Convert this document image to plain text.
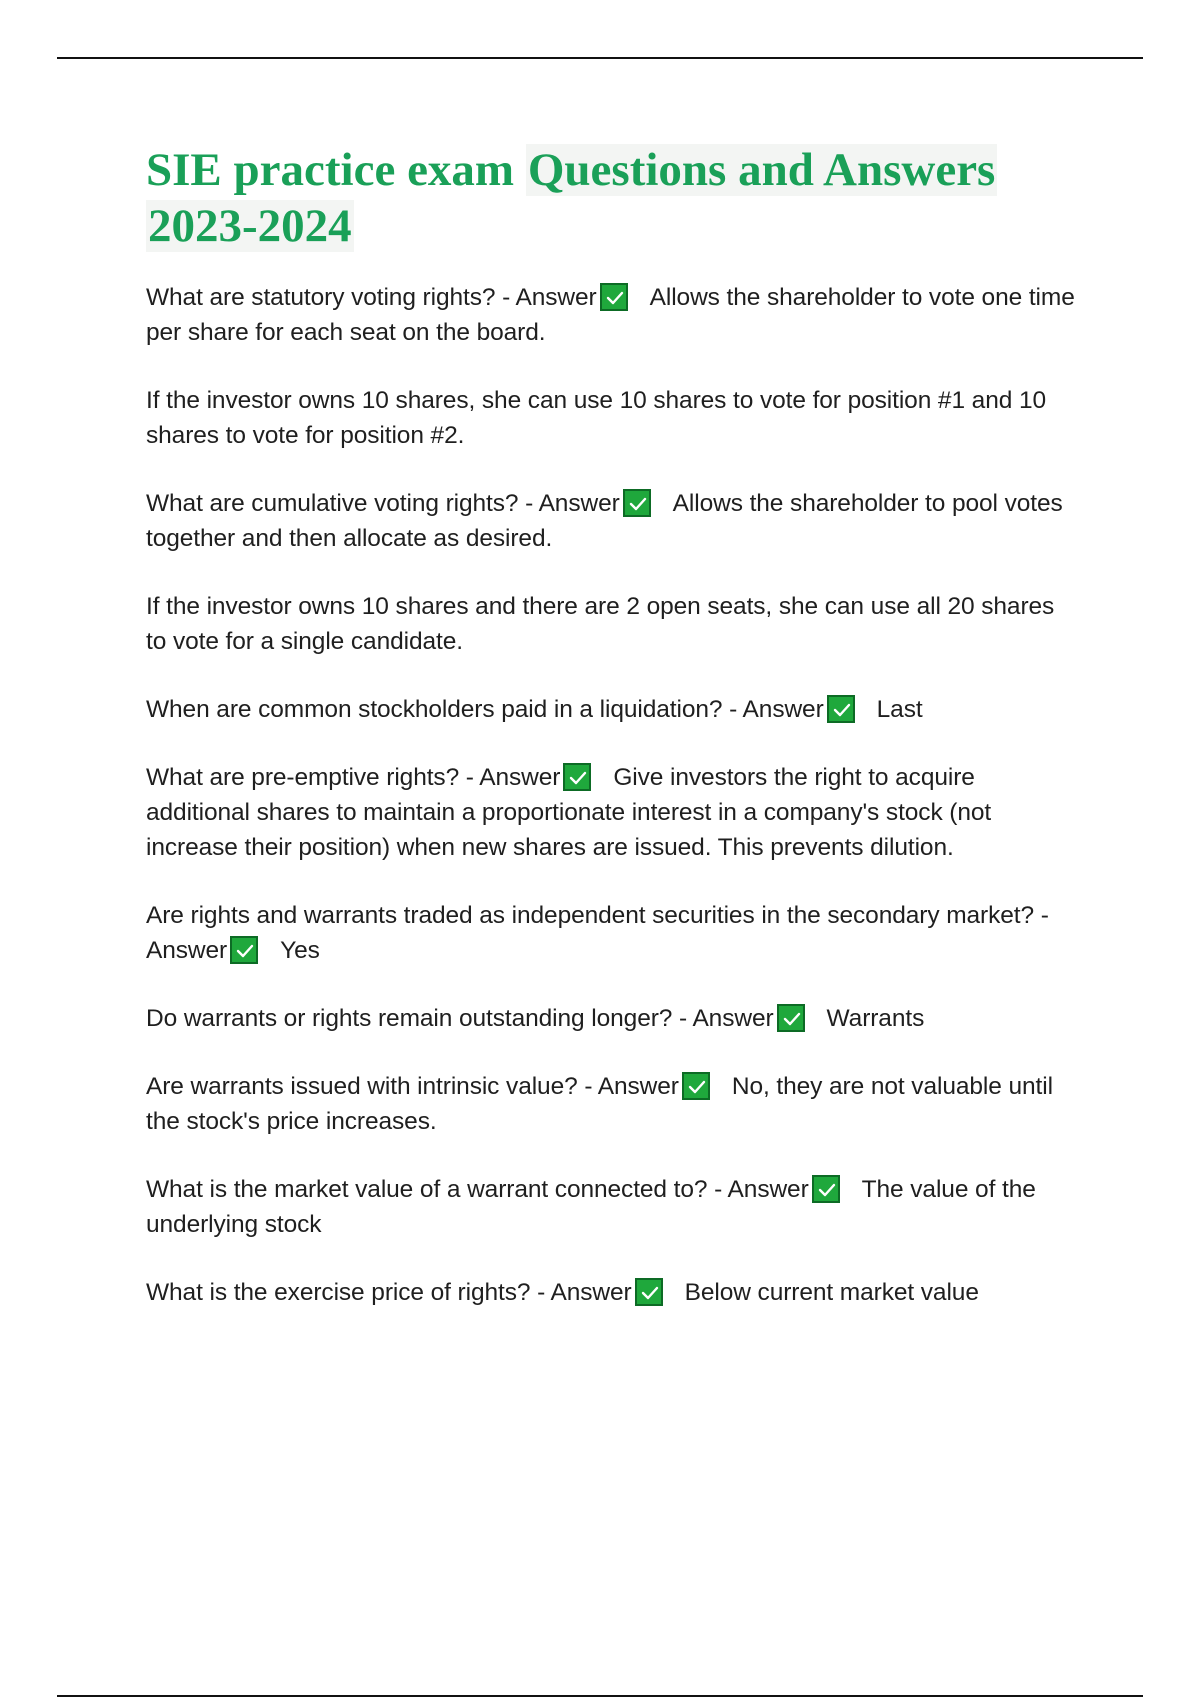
SIE practice exam Questions and Answers
2023-2024

What are statutory voting rights? - Answer Allows the shareholder to vote one time per share for each seat on the board.

If the investor owns 10 shares, she can use 10 shares to vote for position #1 and 10 shares to vote for position #2.

What are cumulative voting rights? - Answer Allows the shareholder to pool votes together and then allocate as desired.

If the investor owns 10 shares and there are 2 open seats, she can use all 20 shares to vote for a single candidate.

When are common stockholders paid in a liquidation? - Answer Last

What are pre-emptive rights? - Answer Give investors the right to acquire additional shares to maintain a proportionate interest in a company's stock (not increase their position) when new shares are issued. This prevents dilution.

Are rights and warrants traded as independent securities in the secondary market? - Answer Yes

Do warrants or rights remain outstanding longer? - Answer Warrants

Are warrants issued with intrinsic value? - Answer No, they are not valuable until the stock's price increases.

What is the market value of a warrant connected to? - Answer The value of the underlying stock

What is the exercise price of rights? - Answer Below current market value
